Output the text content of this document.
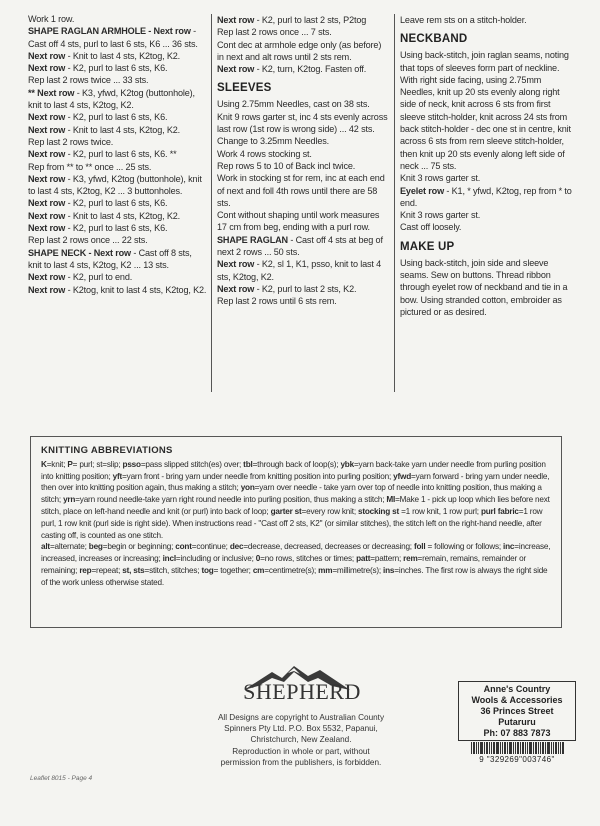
Work 1 row.

SHAPE RAGLAN ARMHOLE - Next row - Cast off 4 sts, purl to last 6 sts, K6 ... 36 sts.

Next row - Knit to last 4 sts, K2tog, K2.

Next row - K2, purl to last 6 sts, K6.

Rep last 2 rows twice ... 33 sts.

** Next row - K3, yfwd, K2tog (buttonhole), knit to last 4 sts, K2tog, K2.

Next row - K2, purl to last 6 sts, K6.

Next row - Knit to last 4 sts, K2tog, K2.

Rep last 2 rows twice.

Next row - K2, purl to last 6 sts, K6. **

Rep from ** to ** once ... 25 sts.

Next row - K3, yfwd, K2tog (buttonhole), knit to last 4 sts, K2tog, K2 ... 3 buttonholes.

Next row - K2, purl to last 6 sts, K6.

Next row - Knit to last 4 sts, K2tog, K2.

Next row - K2, purl to last 6 sts, K6.

Rep last 2 rows once ... 22 sts.

SHAPE NECK - Next row - Cast off 8 sts, knit to last 4 sts, K2tog, K2 ... 13 sts.

Next row - K2, purl to end.

Next row - K2tog, knit to last 4 sts, K2tog, K2.

Next row - K2, purl to last 2 sts, P2tog

Rep last 2 rows once ... 7 sts.

Cont dec at armhole edge only (as before) in next and alt rows until 2 sts rem.

Next row - K2, turn, K2tog. Fasten off.

SLEEVES

Using 2.75mm Needles, cast on 38 sts.

Knit 9 rows garter st, inc 4 sts evenly across last row (1st row is wrong side) ... 42 sts.

Change to 3.25mm Needles.

Work 4 rows stocking st.

Rep rows 5 to 10 of Back incl twice.

Work in stocking st for rem, inc at each end of next and foll 4th rows until there are 58 sts.

Cont without shaping until work measures 17 cm from beg, ending with a purl row.

SHAPE RAGLAN - Cast off 4 sts at beg of next 2 rows ... 50 sts.

Next row - K2, sl 1, K1, psso, knit to last 4 sts, K2tog, K2.

Next row - K2, purl to last 2 sts, K2.

Rep last 2 rows until 6 sts rem.

Leave rem sts on a stitch-holder.

NECKBAND

Using back-stitch, join raglan seams, noting that tops of sleeves form part of neckline. With right side facing, using 2.75mm Needles, knit up 20 sts evenly along right side of neck, knit across 6 sts from first sleeve stitch-holder, knit across 24 sts from back stitch-holder - dec one st in centre, knit across 6 sts from rem sleeve stitch-holder, then knit up 20 sts evenly along left side of neck ... 75 sts.

Knit 3 rows garter st.

Eyelet row - K1, * yfwd, K2tog, rep from * to end.

Knit 3 rows garter st.

Cast off loosely.

MAKE UP

Using back-stitch, join side and sleeve seams. Sew on buttons. Thread ribbon through eyelet row of neckband and tie in a bow. Using stranded cotton, embroider as pictured or as desired.

KNITTING ABBREVIATIONS

K=knit; P= purl; st=slip; psso=pass slipped stitch(es) over; tbl=through back of loop(s); ybk=yarn back-take yarn under needle from purling position into knitting position; yft=yarn front - bring yarn under needle from knitting position into purling position; yfwd=yarn forward - bring yarn under needle, then over into knitting position again, thus making a stitch; yon=yarn over needle - take yarn over top of needle into knitting position, thus making a stitch; yrn=yarn round needle-take yarn right round needle into purling position, thus making a stitch; MI=Make 1 - pick up loop which lies before next stitch, place on left-hand needle and knit (or purl) into back of loop; garter st=every row knit; stocking st =1 row knit, 1 row purl; purl fabric=1 row purl, 1 row knit (purl side is right side). When instructions read - "Cast off 2 sts, K2" (or similar stitches), the stitch left on the right-hand needle, after casting off, is counted as one stitch.

alt=alternate; beg=begin or beginning; cont=continue; dec=decrease, decreased, decreases or decreasing; foll = following or follows; inc=increase, increased, increases or increasing; incl=including or inclusive; 0=no rows, stitches or times; patt=pattern; rem=remain, remains, remainder or remaining; rep=repeat; st, sts=stitch, stitches; tog= together; cm=centimetre(s); mm=millimetre(s); ins=inches. The first row is always the right side of the work unless otherwise stated.

SHEPHERD
All Designs are copyright to Australian County
Spinners Pty Ltd. P.O. Box 5532, Papanui,
Christchurch, New Zealand.
Reproduction in whole or part, without
permission from the publishers, is forbidden.
Anne's Country
Wools & Accessories
36 Princes Street
Putaruru
Ph: 07 883 7873
9 "329269"003746"
Leaflet 8015 - Page 4
